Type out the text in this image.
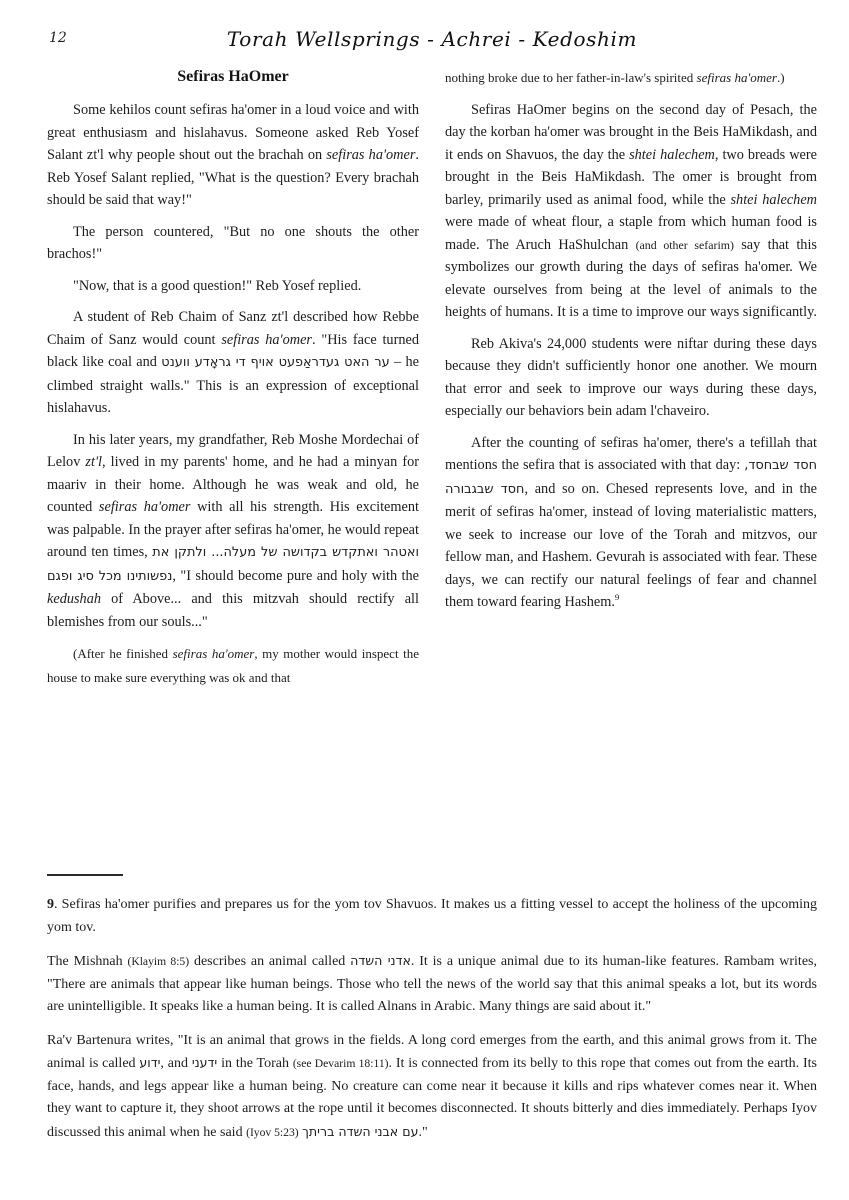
12	Torah Wellsprings - Achrei - Kedoshim
Sefiras HaOmer

Some kehilos count sefiras ha'omer in a loud voice and with great enthusiasm and hislahavus. Someone asked Reb Yosef Salant zt'l why people shout out the brachah on sefiras ha'omer. Reb Yosef Salant replied, "What is the question? Every brachah should be said that way!"

The person countered, "But no one shouts the other brachos!"

"Now, that is a good question!" Reb Yosef replied.

A student of Reb Chaim of Sanz zt'l described how Rebbe Chaim of Sanz would count sefiras ha'omer. "His face turned black like coal and ער האט געדראַפעט אויף די גראָדע ווענט – he climbed straight walls." This is an expression of exceptional hislahavus.

In his later years, my grandfather, Reb Moshe Mordechai of Lelov zt'l, lived in my parents' home, and he had a minyan for maariv in their home. Although he was weak and old, he counted sefiras ha'omer with all his strength. His excitement was palpable. In the prayer after sefiras ha'omer, he would repeat around ten times, ואטהר ואתקדש בקדושה של מעלה... ולתקן את נפשותינו מכל סיג ופגם, "I should become pure and holy with the kedushah of Above... and this mitzvah should rectify all blemishes from our souls..."

(After he finished sefiras ha'omer, my mother would inspect the house to make sure everything was ok and that

nothing broke due to her father-in-law's spirited sefiras ha'omer.)

Sefiras HaOmer begins on the second day of Pesach, the day the korban ha'omer was brought in the Beis HaMikdash, and it ends on Shavuos, the day the shtei halechem, two breads were brought in the Beis HaMikdash. The omer is brought from barley, primarily used as animal food, while the shtei halechem were made of wheat flour, a staple from which human food is made. The Aruch HaShulchan (and other sefarim) say that this symbolizes our growth during the days of sefiras ha'omer. We elevate ourselves from being at the level of animals to the heights of humans. It is a time to improve our ways significantly.

Reb Akiva's 24,000 students were niftar during these days because they didn't sufficiently honor one another. We mourn that error and seek to improve our ways during these days, especially our behaviors bein adam l'chaveiro.

After the counting of sefiras ha'omer, there's a tefillah that mentions the sefira that is associated with that day: חסד שבחסד, חסד שבגבורה, and so on. Chesed represents love, and in the merit of sefiras ha'omer, instead of loving materialistic matters, we seek to increase our love of the Torah and mitzvos, our fellow man, and Hashem. Gevurah is associated with fear. These days, we can rectify our natural feelings of fear and channel them toward fearing Hashem.$^9$

9. Sefiras ha'omer purifies and prepares us for the yom tov Shavuos. It makes us a fitting vessel to accept the holiness of the upcoming yom tov.

The Mishnah (Klayim 8:5) describes an animal called אדני השדה. It is a unique animal due to its human-like features. Rambam writes, "There are animals that appear like human beings. Those who tell the news of the world say that this animal speaks a lot, but its words are unintelligible. It speaks like a human being. It is called Alnans in Arabic. Many things are said about it."

Ra'v Bartenura writes, "It is an animal that grows in the fields. A long cord emerges from the earth, and this animal grows from it. The animal is called ידוע, and ידעני in the Torah (see Devarim 18:11). It is connected from its belly to this rope that comes out from the earth. Its face, hands, and legs appear like a human being. No creature can come near it because it kills and rips whatever comes near it. When they want to capture it, they shoot arrows at the rope until it becomes disconnected. It shouts bitterly and dies immediately. Perhaps Iyov discussed this animal when he said (Iyov 5:23) עם אבני השדה בריתך."
